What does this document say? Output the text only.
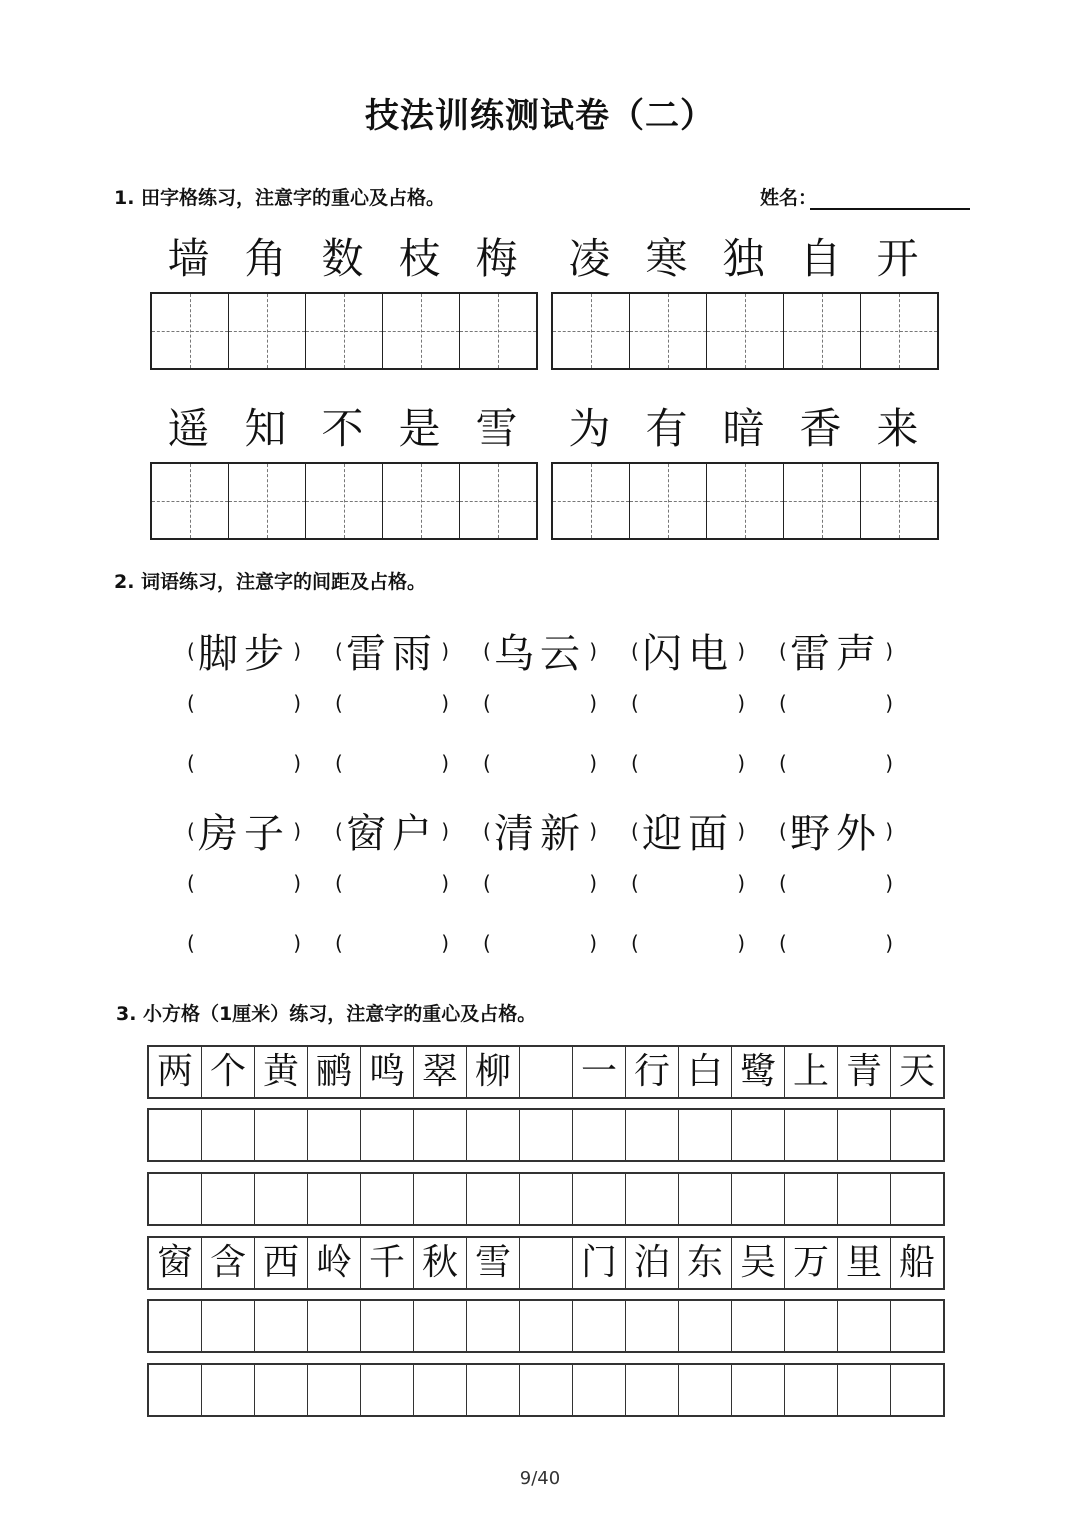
技法训练测试卷（二）
1. 田字格练习，注意字的重心及占格。	姓名：
墙 角 数 枝 梅	凌 寒 独 自 开
遥 知 不 是 雪	为 有 暗 香 来
2. 词语练习，注意字的间距及占格。
( 脚步 ) ( 雷雨 ) ( 乌云 ) ( 闪电 ) ( 雷声 )
(	) (	) (	) (	) (	)
(	) (	) (	) (	) (	)
( 房子 ) ( 窗户 ) ( 清新 ) ( 迎面 ) ( 野外 )
(	) (	) (	) (	) (	)
(	) (	) (	) (	) (	)
3. 小方格（1厘米）练习，注意字的重心及占格。
两 个 黄 鹂 鸣 翠 柳 一 行 白 鹭 上 青 天
窗 含 西 岭 千 秋 雪 门 泊 东 吴 万 里 船
9/40
